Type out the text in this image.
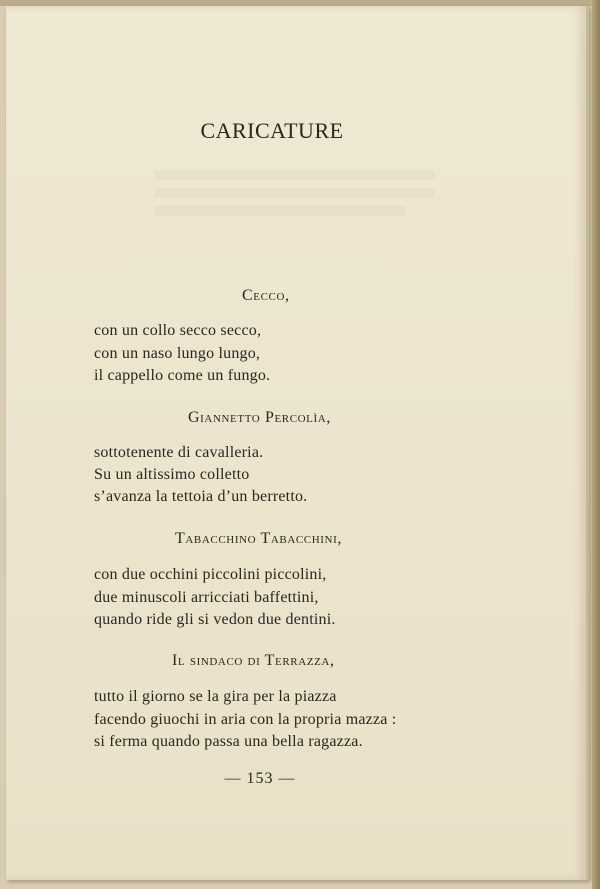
CARICATURE
Cecco,
con un collo secco secco,
con un naso lungo lungo,
il cappello come un fungo.
Giannetto Percolìa,
sottotenente di cavalleria.
Su un altissimo colletto
s’avanza la tettoia d’un berretto.
Tabacchino Tabacchini,
con due occhini piccolini piccolini,
due minuscoli arricciati baffettini,
quando ride gli si vedon due dentini.
Il sindaco di Terrazza,
tutto il giorno se la gira per la piazza
facendo giuochi in aria con la propria mazza :
si ferma quando passa una bella ragazza.
— 153 —
